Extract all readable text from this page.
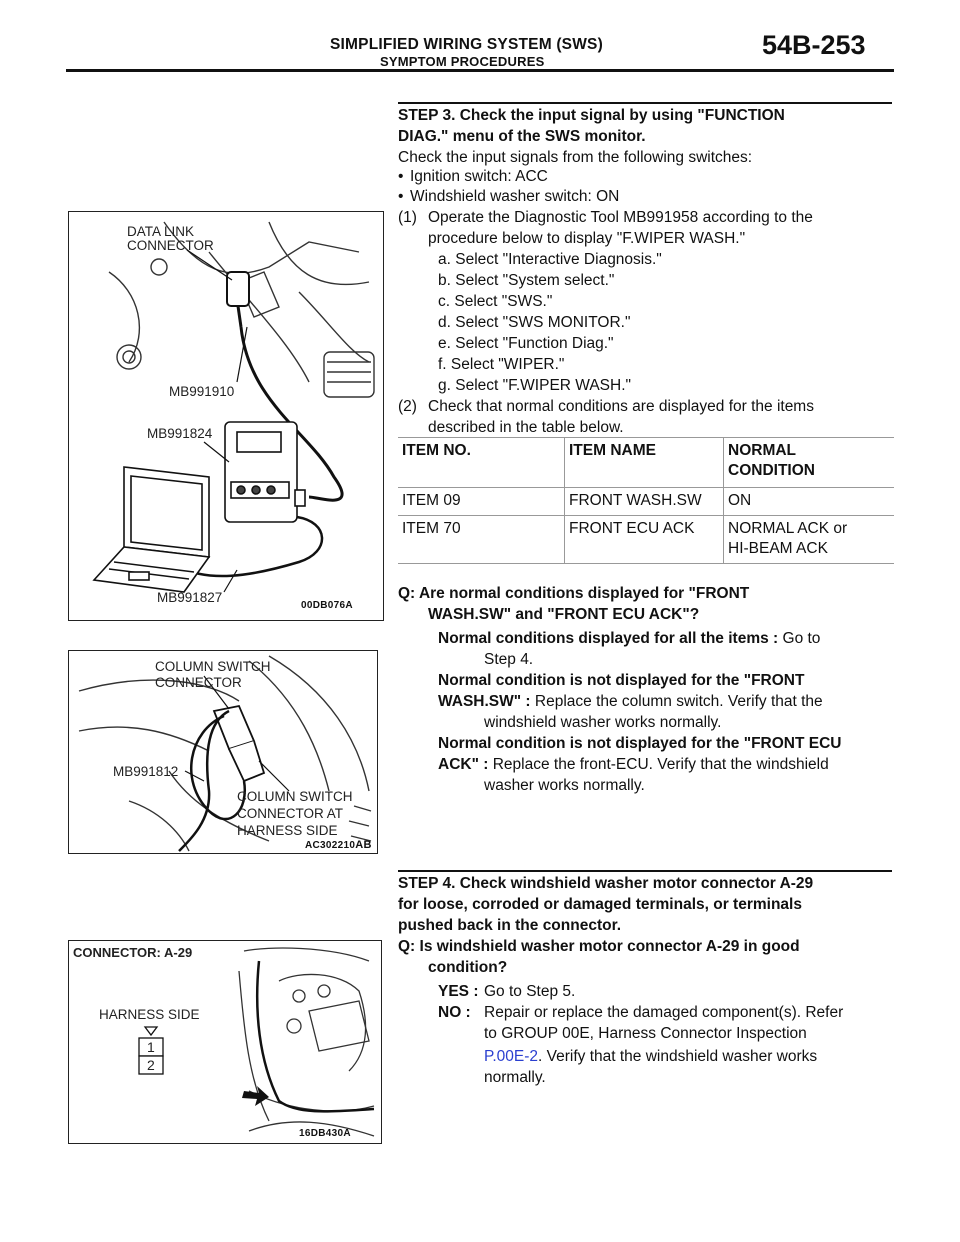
SIMPLIFIED WIRING SYSTEM (SWS)
SYMPTOM PROCEDURES
54B-253
DATA LINK
CONNECTOR
MB991910
MB991824
MB991827
00DB076A
COLUMN SWITCH
CONNECTOR
MB991812
COLUMN SWITCH
CONNECTOR AT
HARNESS SIDE
AC302210AB
CONNECTOR: A-29
HARNESS SIDE
1
2
16DB430A
STEP 3. Check the input signal by using "FUNCTION
DIAG." menu of the SWS monitor.
Check the input signals from the following switches:
• Ignition switch: ACC
• Windshield washer switch: ON
(1) Operate the Diagnostic Tool MB991958 according to the
procedure below to display "F.WIPER WASH."
a. Select "Interactive Diagnosis."
b. Select "System select."
c. Select "SWS."
d. Select "SWS MONITOR."
e. Select "Function Diag."
f. Select "WIPER."
g. Select "F.WIPER WASH."
(2) Check that normal conditions are displayed for the items
described in the table below.
ITEM NO.	ITEM NAME	NORMAL
CONDITION
ITEM 09	FRONT WASH.SW	ON
ITEM 70	FRONT ECU ACK	NORMAL ACK or
HI-BEAM ACK
Q: Are normal conditions displayed for "FRONT
WASH.SW" and "FRONT ECU ACK"?
Normal conditions displayed for all the items : Go to
Step 4.
Normal condition is not displayed for the "FRONT
WASH.SW" : Replace the column switch. Verify that the
windshield washer works normally.
Normal condition is not displayed for the "FRONT ECU
ACK" : Replace the front-ECU. Verify that the windshield
washer works normally.
STEP 4. Check windshield washer motor connector A-29
for loose, corroded or damaged terminals, or terminals
pushed back in the connector.
Q: Is windshield washer motor connector A-29 in good
condition?
YES : Go to Step 5.
NO : Repair or replace the damaged component(s). Refer
to GROUP 00E, Harness Connector Inspection
P.00E-2. Verify that the windshield washer works
normally.
